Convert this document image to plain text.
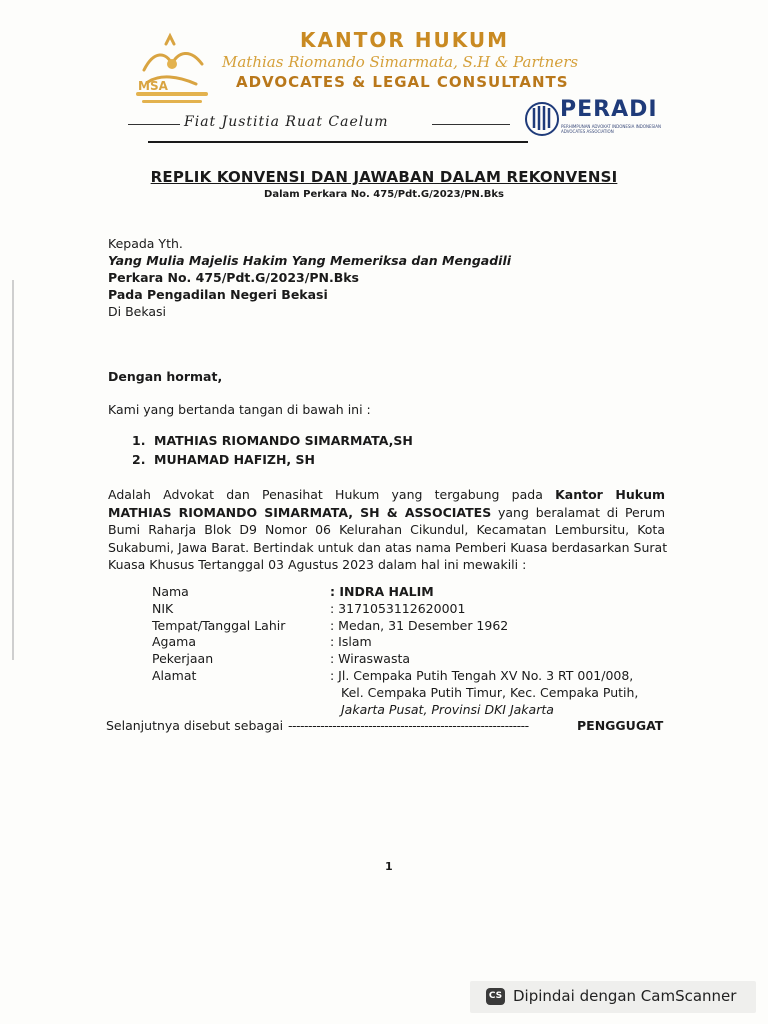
MSA
KANTOR HUKUM
Mathias Riomando Simarmata, S.H & Partners
ADVOCATES & LEGAL CONSULTANTS
Fiat Justitia Ruat Caelum	PERADI
PERHIMPUNAN ADVOKAT INDONESIA INDONESIAN ADVOCATES ASSOCIATION
REPLIK KONVENSI DAN JAWABAN DALAM REKONVENSI
Dalam Perkara No. 475/Pdt.G/2023/PN.Bks
Kepada Yth.
Yang Mulia Majelis Hakim Yang Memeriksa dan Mengadili
Perkara No. 475/Pdt.G/2023/PN.Bks
Pada Pengadilan Negeri Bekasi
Di Bekasi
Dengan hormat,
Kami yang bertanda tangan di bawah ini :
1. MATHIAS RIOMANDO SIMARMATA,SH
2. MUHAMAD HAFIZH, SH
Adalah Advokat dan Penasihat Hukum yang tergabung pada Kantor Hukum
MATHIAS RIOMANDO SIMARMATA, SH & ASSOCIATES yang beralamat di Perum
Bumi Raharja Blok D9 Nomor 06 Kelurahan Cikundul, Kecamatan Lembursitu, Kota
Sukabumi, Jawa Barat. Bertindak untuk dan atas nama Pemberi Kuasa berdasarkan Surat
Kuasa Khusus Tertanggal 03 Agustus 2023 dalam hal ini mewakili :
Nama	: INDRA HALIM
NIK	: 3171053112620001
Tempat/Tanggal Lahir	: Medan, 31 Desember 1962
Agama	: Islam
Pekerjaan	: Wiraswasta
Alamat	: Jl. Cempaka Putih Tengah XV No. 3 RT 001/008,
Kel. Cempaka Putih Timur, Kec. Cempaka Putih,
Jakarta Pusat, Provinsi DKI Jakarta
Selanjutnya disebut sebagai ------------------------------------------------------------	PENGGUGAT
1
CS Dipindai dengan CamScanner
